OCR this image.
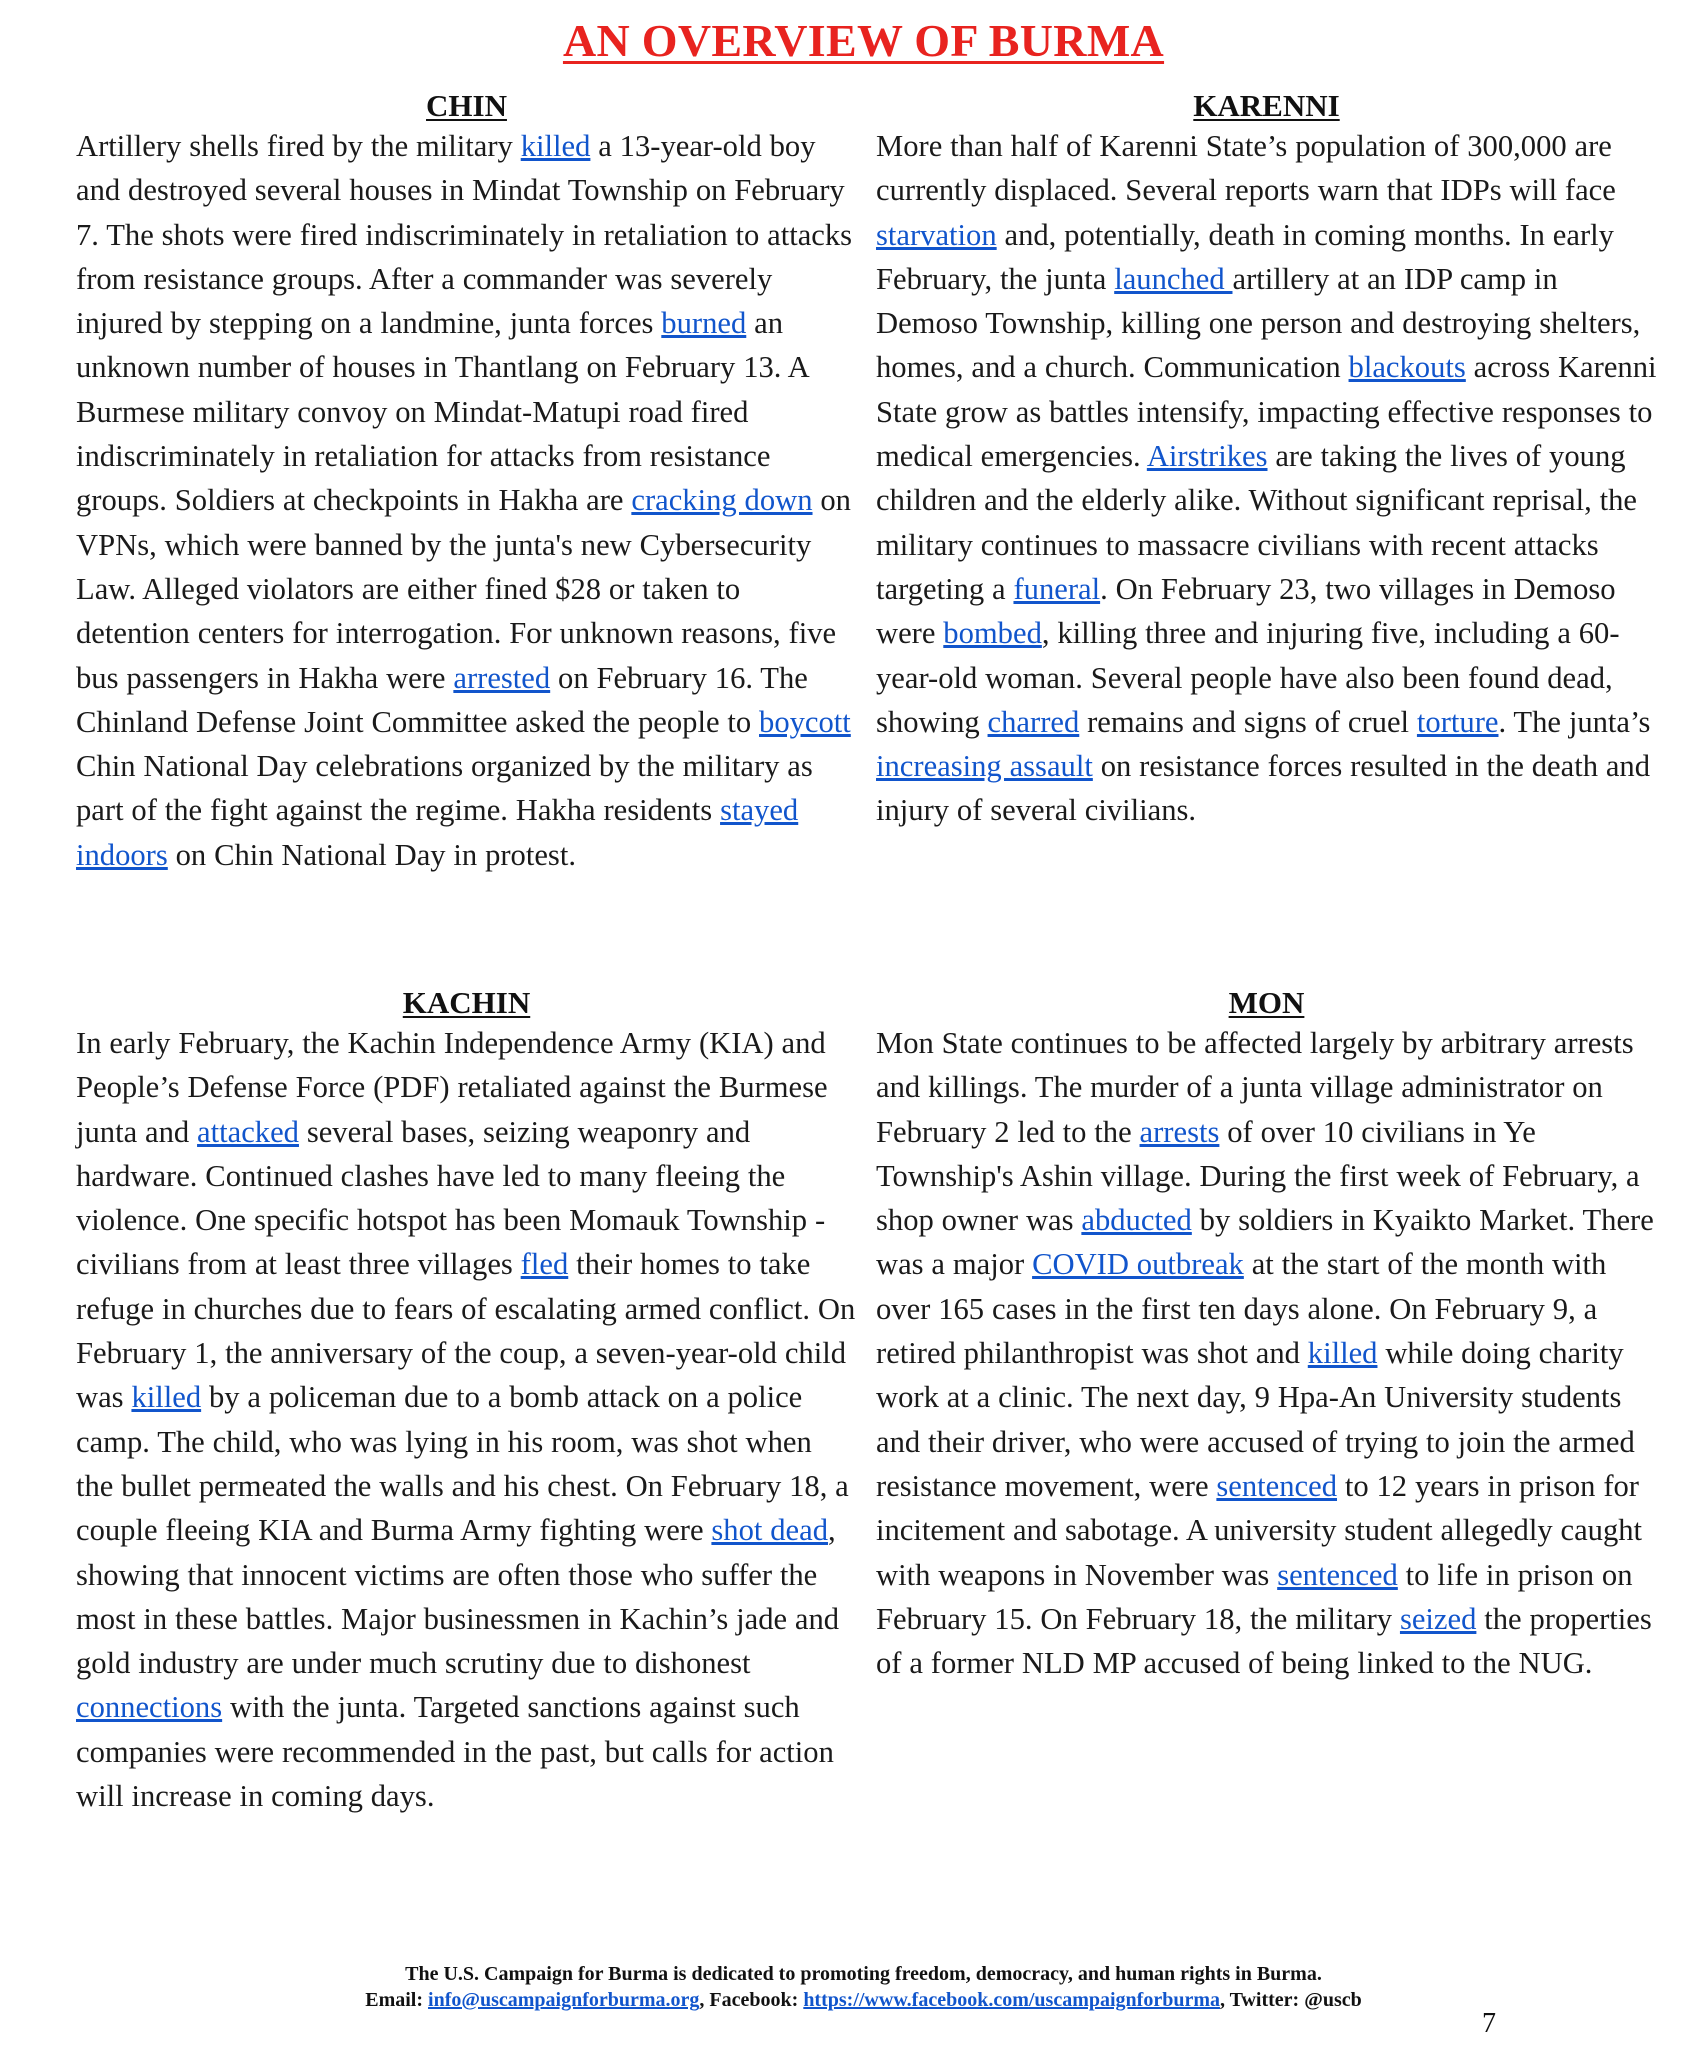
AN OVERVIEW OF BURMA
CHIN

Artillery shells fired by the military killed a 13-year-old boy and destroyed several houses in Mindat Township on February 7. The shots were fired indiscriminately in retaliation to attacks from resistance groups. After a commander was severely injured by stepping on a landmine, junta forces burned an unknown number of houses in Thantlang on February 13. A Burmese military convoy on Mindat-Matupi road fired indiscriminately in retaliation for attacks from resistance groups. Soldiers at checkpoints in Hakha are cracking down on VPNs, which were banned by the junta's new Cybersecurity Law. Alleged violators are either fined $28 or taken to detention centers for interrogation. For unknown reasons, five bus passengers in Hakha were arrested on February 16. The Chinland Defense Joint Committee asked the people to boycott Chin National Day celebrations organized by the military as part of the fight against the regime. Hakha residents stayed indoors on Chin National Day in protest.

KARENNI

More than half of Karenni State’s population of 300,000 are currently displaced. Several reports warn that IDPs will face starvation and, potentially, death in coming months. In early February, the junta launched artillery at an IDP camp in Demoso Township, killing one person and destroying shelters, homes, and a church. Communication blackouts across Karenni State grow as battles intensify, impacting effective responses to medical emergencies. Airstrikes are taking the lives of young children and the elderly alike. Without significant reprisal, the military continues to massacre civilians with recent attacks targeting a funeral. On February 23, two villages in Demoso were bombed, killing three and injuring five, including a 60-year-old woman. Several people have also been found dead, showing charred remains and signs of cruel torture. The junta’s increasing assault on resistance forces resulted in the death and injury of several civilians.

KACHIN

In early February, the Kachin Independence Army (KIA) and People’s Defense Force (PDF) retaliated against the Burmese junta and attacked several bases, seizing weaponry and hardware. Continued clashes have led to many fleeing the violence. One specific hotspot has been Momauk Township - civilians from at least three villages fled their homes to take refuge in churches due to fears of escalating armed conflict. On February 1, the anniversary of the coup, a seven-year-old child was killed by a policeman due to a bomb attack on a police camp. The child, who was lying in his room, was shot when the bullet permeated the walls and his chest. On February 18, a couple fleeing KIA and Burma Army fighting were shot dead, showing that innocent victims are often those who suffer the most in these battles. Major businessmen in Kachin’s jade and gold industry are under much scrutiny due to dishonest connections with the junta. Targeted sanctions against such companies were recommended in the past, but calls for action will increase in coming days.

MON

Mon State continues to be affected largely by arbitrary arrests and killings. The murder of a junta village administrator on February 2 led to the arrests of over 10 civilians in Ye Township's Ashin village. During the first week of February, a shop owner was abducted by soldiers in Kyaikto Market. There was a major COVID outbreak at the start of the month with over 165 cases in the first ten days alone. On February 9, a retired philanthropist was shot and killed while doing charity work at a clinic. The next day, 9 Hpa-An University students and their driver, who were accused of trying to join the armed resistance movement, were sentenced to 12 years in prison for incitement and sabotage. A university student allegedly caught with weapons in November was sentenced to life in prison on February 15. On February 18, the military seized the properties of a former NLD MP accused of being linked to the NUG.

The U.S. Campaign for Burma is dedicated to promoting freedom, democracy, and human rights in Burma.
Email: info@uscampaignforburma.org, Facebook: https://www.facebook.com/uscampaignforburma, Twitter: @uscb
7
